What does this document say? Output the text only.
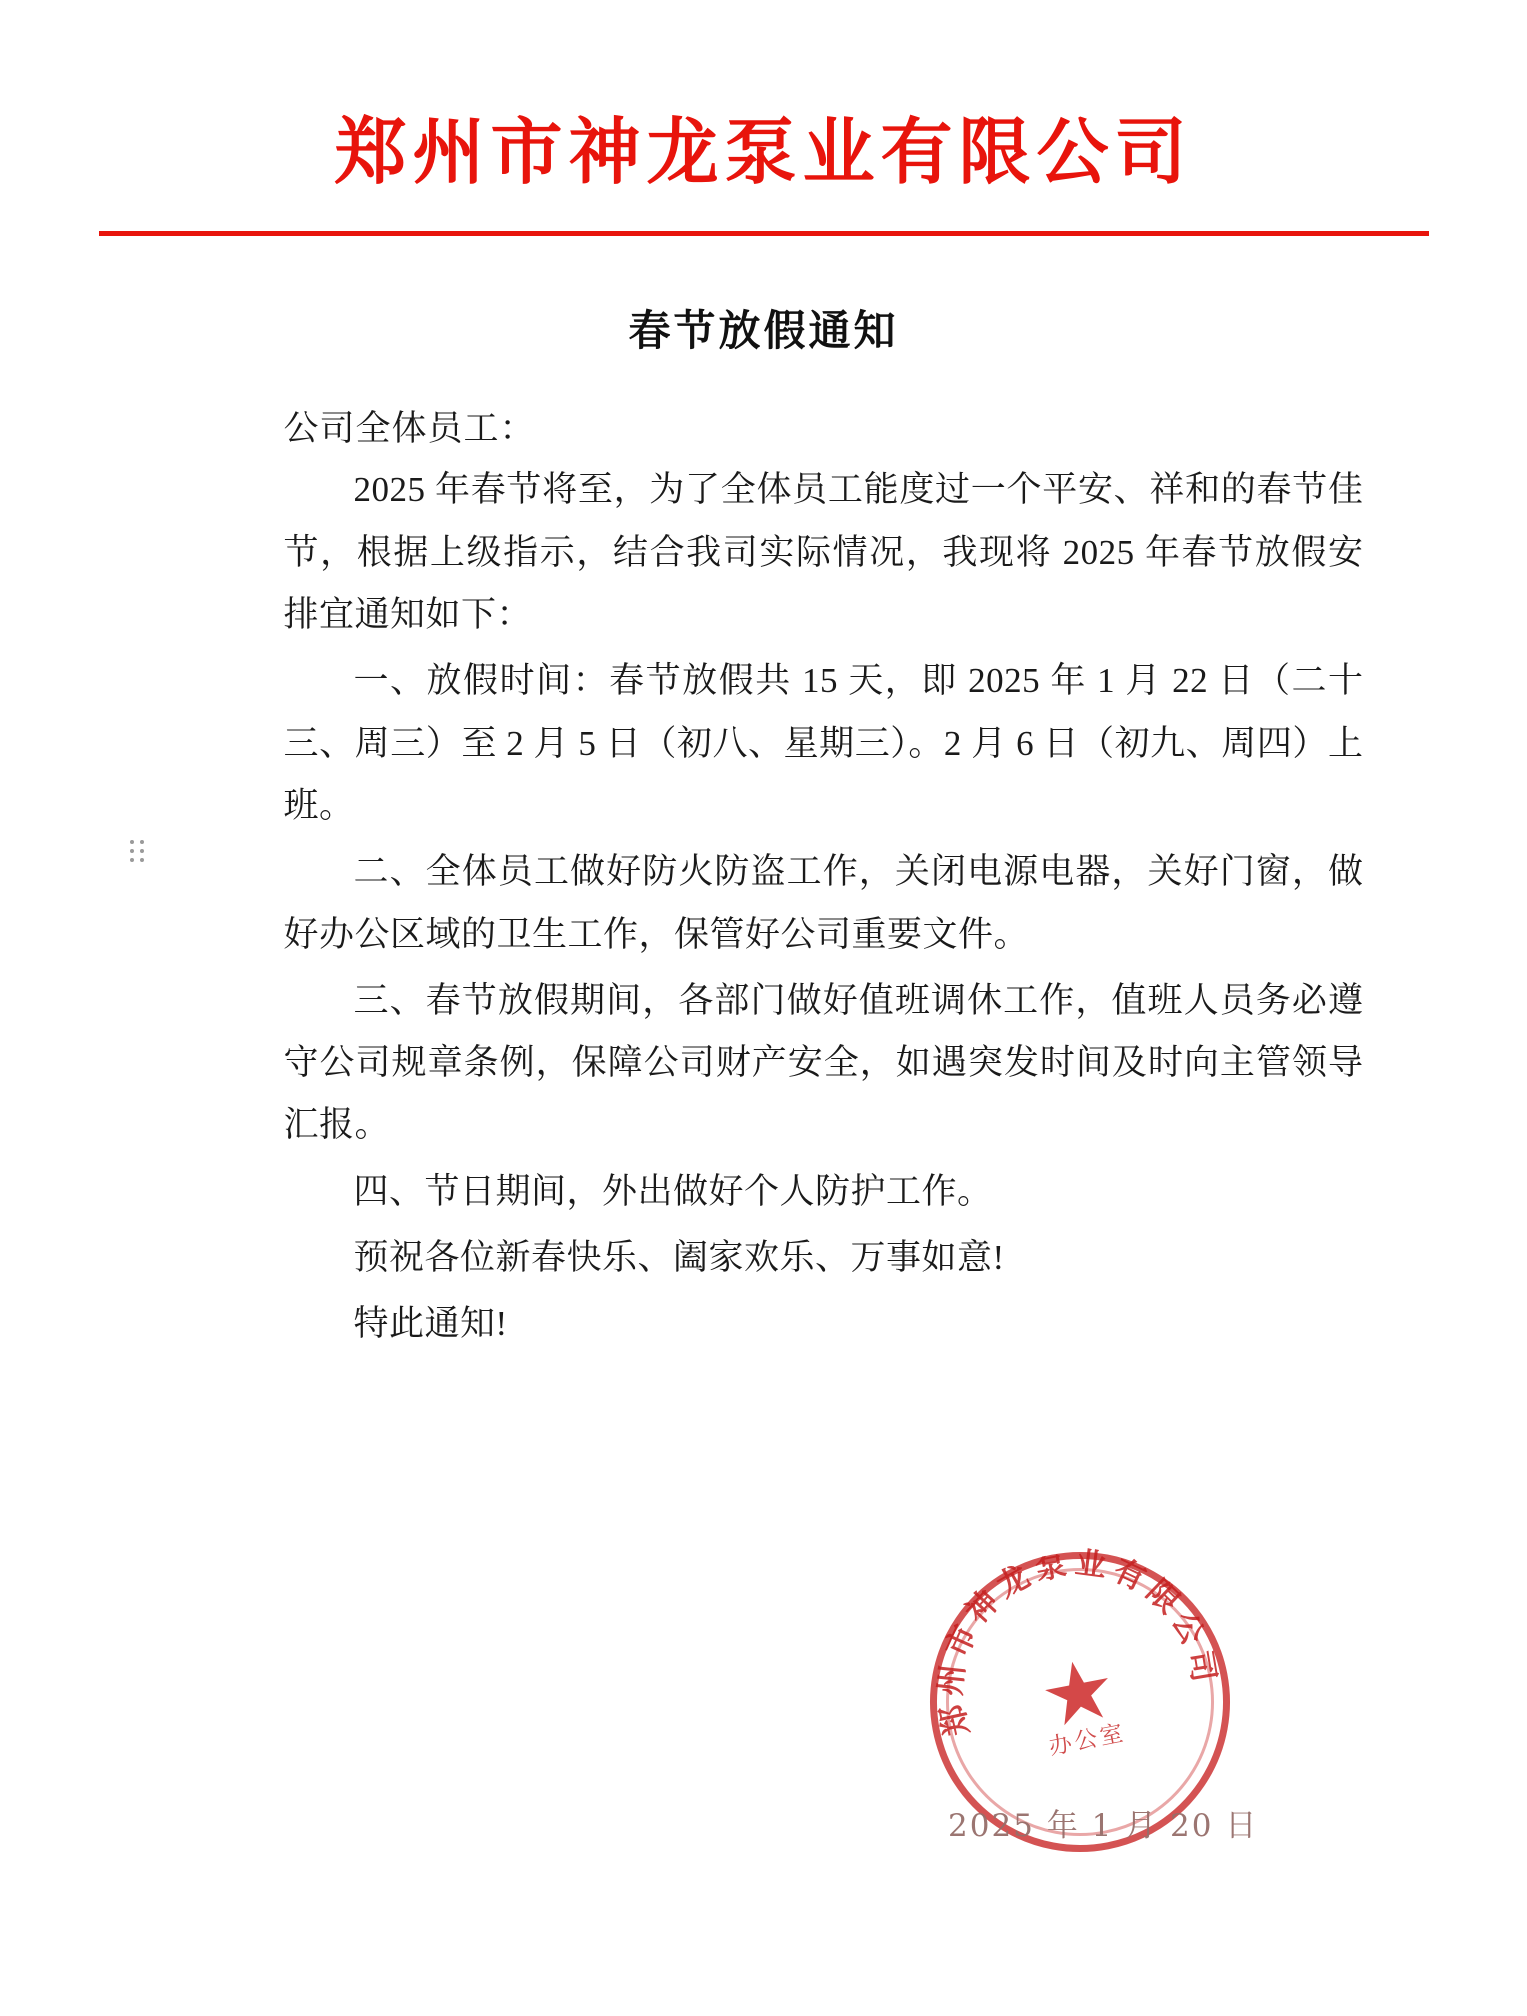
郑州市神龙泵业有限公司
春节放假通知
公司全体员工：

2025 年春节将至，为了全体员工能度过一个平安、祥和的春节佳节，根据上级指示，结合我司实际情况，我现将 2025 年春节放假安排宜通知如下：

一、放假时间：春节放假共 15 天，即 2025 年 1 月 22 日（二十三、周三）至 2 月 5 日（初八、星期三）。2 月 6 日（初九、周四）上班。

二、全体员工做好防火防盗工作，关闭电源电器，关好门窗，做好办公区域的卫生工作，保管好公司重要文件。

三、春节放假期间，各部门做好值班调休工作，值班人员务必遵守公司规章条例，保障公司财产安全，如遇突发时间及时向主管领导汇报。

四、节日期间，外出做好个人防护工作。

预祝各位新春快乐、阖家欢乐、万事如意!

特此通知!

郑州市神龙泵业有限公司
办公室
2025 年 1 月 20 日
